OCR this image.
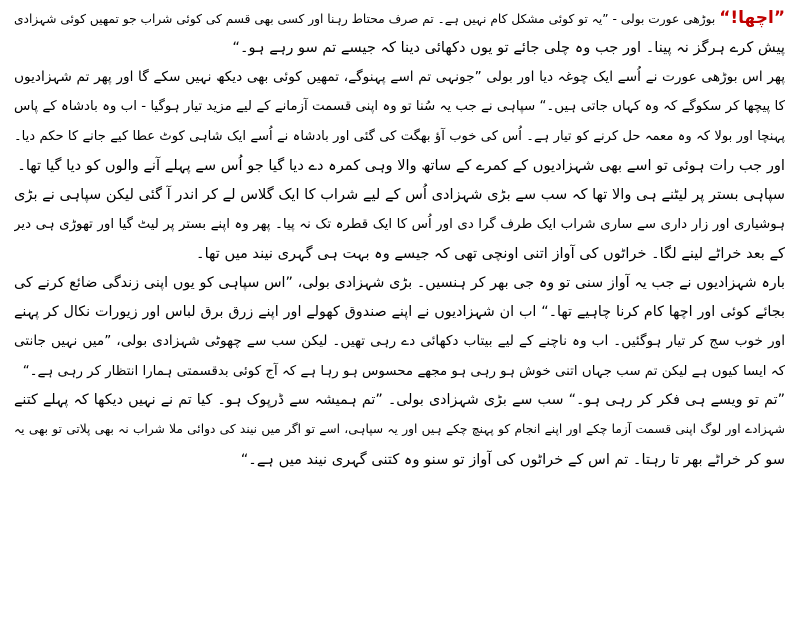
”اچھا!“ بوڑھی عورت بولی - ”یہ تو کوئی مشکل کام نہیں ہے۔ تم صرف محتاط رہنا اور کسی بھی قسم کی کوئی شراب جو تمھیں کوئی شہزادی
پیش کرے ہرگز نہ پینا۔ اور جب وہ چلی جائے تو یوں دکھائی دینا کہ جیسے تم سو رہے ہو۔“
پھر اس بوڑھی عورت نے اُسے ایک چوغہ دیا اور بولی ”جونہی تم اسے پہنوگے، تمھیں کوئی بھی دیکھ نہیں سکے گا اور پھر تم شہزادیوں
کا پیچھا کر سکوگے کہ وہ کہاں جاتی ہیں۔“ سپاہی نے جب یہ سُنا تو وہ اپنی قسمت آزمانے کے لیے مزید تیار ہوگیا - اب وہ بادشاہ کے پاس
پہنچا اور بولا کہ وہ معمہ حل کرنے کو تیار ہے۔ اُس کی خوب آؤ بھگت کی گئی اور بادشاہ نے اُسے ایک شاہی کوٹ عطا کیے جانے کا حکم دیا۔
اور جب رات ہوئی تو اسے بھی شہزادیوں کے کمرے کے ساتھ والا وہی کمرہ دے دیا گیا جو اُس سے پہلے آنے والوں کو دیا گیا تھا۔
سپاہی بستر پر لیٹنے ہی والا تھا کہ سب سے بڑی شہزادی اُس کے لیے شراب کا ایک گلاس لے کر اندر آ گئی لیکن سپاہی نے بڑی
ہوشیاری اور زار داری سے ساری شراب ایک طرف گرا دی اور اُس کا ایک قطرہ تک نہ پیا۔ پھر وہ اپنے بستر پر لیٹ گیا اور تھوڑی ہی دیر
کے بعد خراٹے لینے لگا۔ خراٹوں کی آواز اتنی اونچی تھی کہ جیسے وہ بہت ہی گہری نیند میں تھا۔
بارہ شہزادیوں نے جب یہ آواز سنی تو وہ جی بھر کر ہنسیں۔ بڑی شہزادی بولی، ”اس سپاہی کو یوں اپنی زندگی ضائع کرنے کی
بجائے کوئی اور اچھا کام کرنا چاہیے تھا۔“ اب ان شہزادیوں نے اپنے صندوق کھولے اور اپنے زرق برق لباس اور زیورات نکال کر پہنے
اور خوب سج کر تیار ہوگئیں۔ اب وہ ناچنے کے لیے بیتاب دکھائی دے رہی تھیں۔ لیکن سب سے چھوٹی شہزادی بولی، ”میں نہیں جانتی
کہ ایسا کیوں ہے لیکن تم سب جہاں اتنی خوش ہو رہی ہو مجھے محسوس ہو رہا ہے کہ آج کوئی بدقسمتی ہمارا انتظار کر رہی ہے۔“
”تم تو ویسے ہی فکر کر رہی ہو۔“ سب سے بڑی شہزادی بولی۔ ”تم ہمیشہ سے ڈرپوک ہو۔ کیا تم نے نہیں دیکھا کہ پہلے کتنے
شہزادے اور لوگ اپنی قسمت آزما چکے اور اپنے انجام کو پہنچ چکے ہیں اور یہ سپاہی، اسے تو اگر میں نیند کی دوائی ملا شراب نہ بھی پلاتی تو بھی یہ
سو کر خراٹے بھر تا رہتا۔ تم اس کے خراٹوں کی آواز تو سنو وہ کتنی گہری نیند میں ہے۔“
